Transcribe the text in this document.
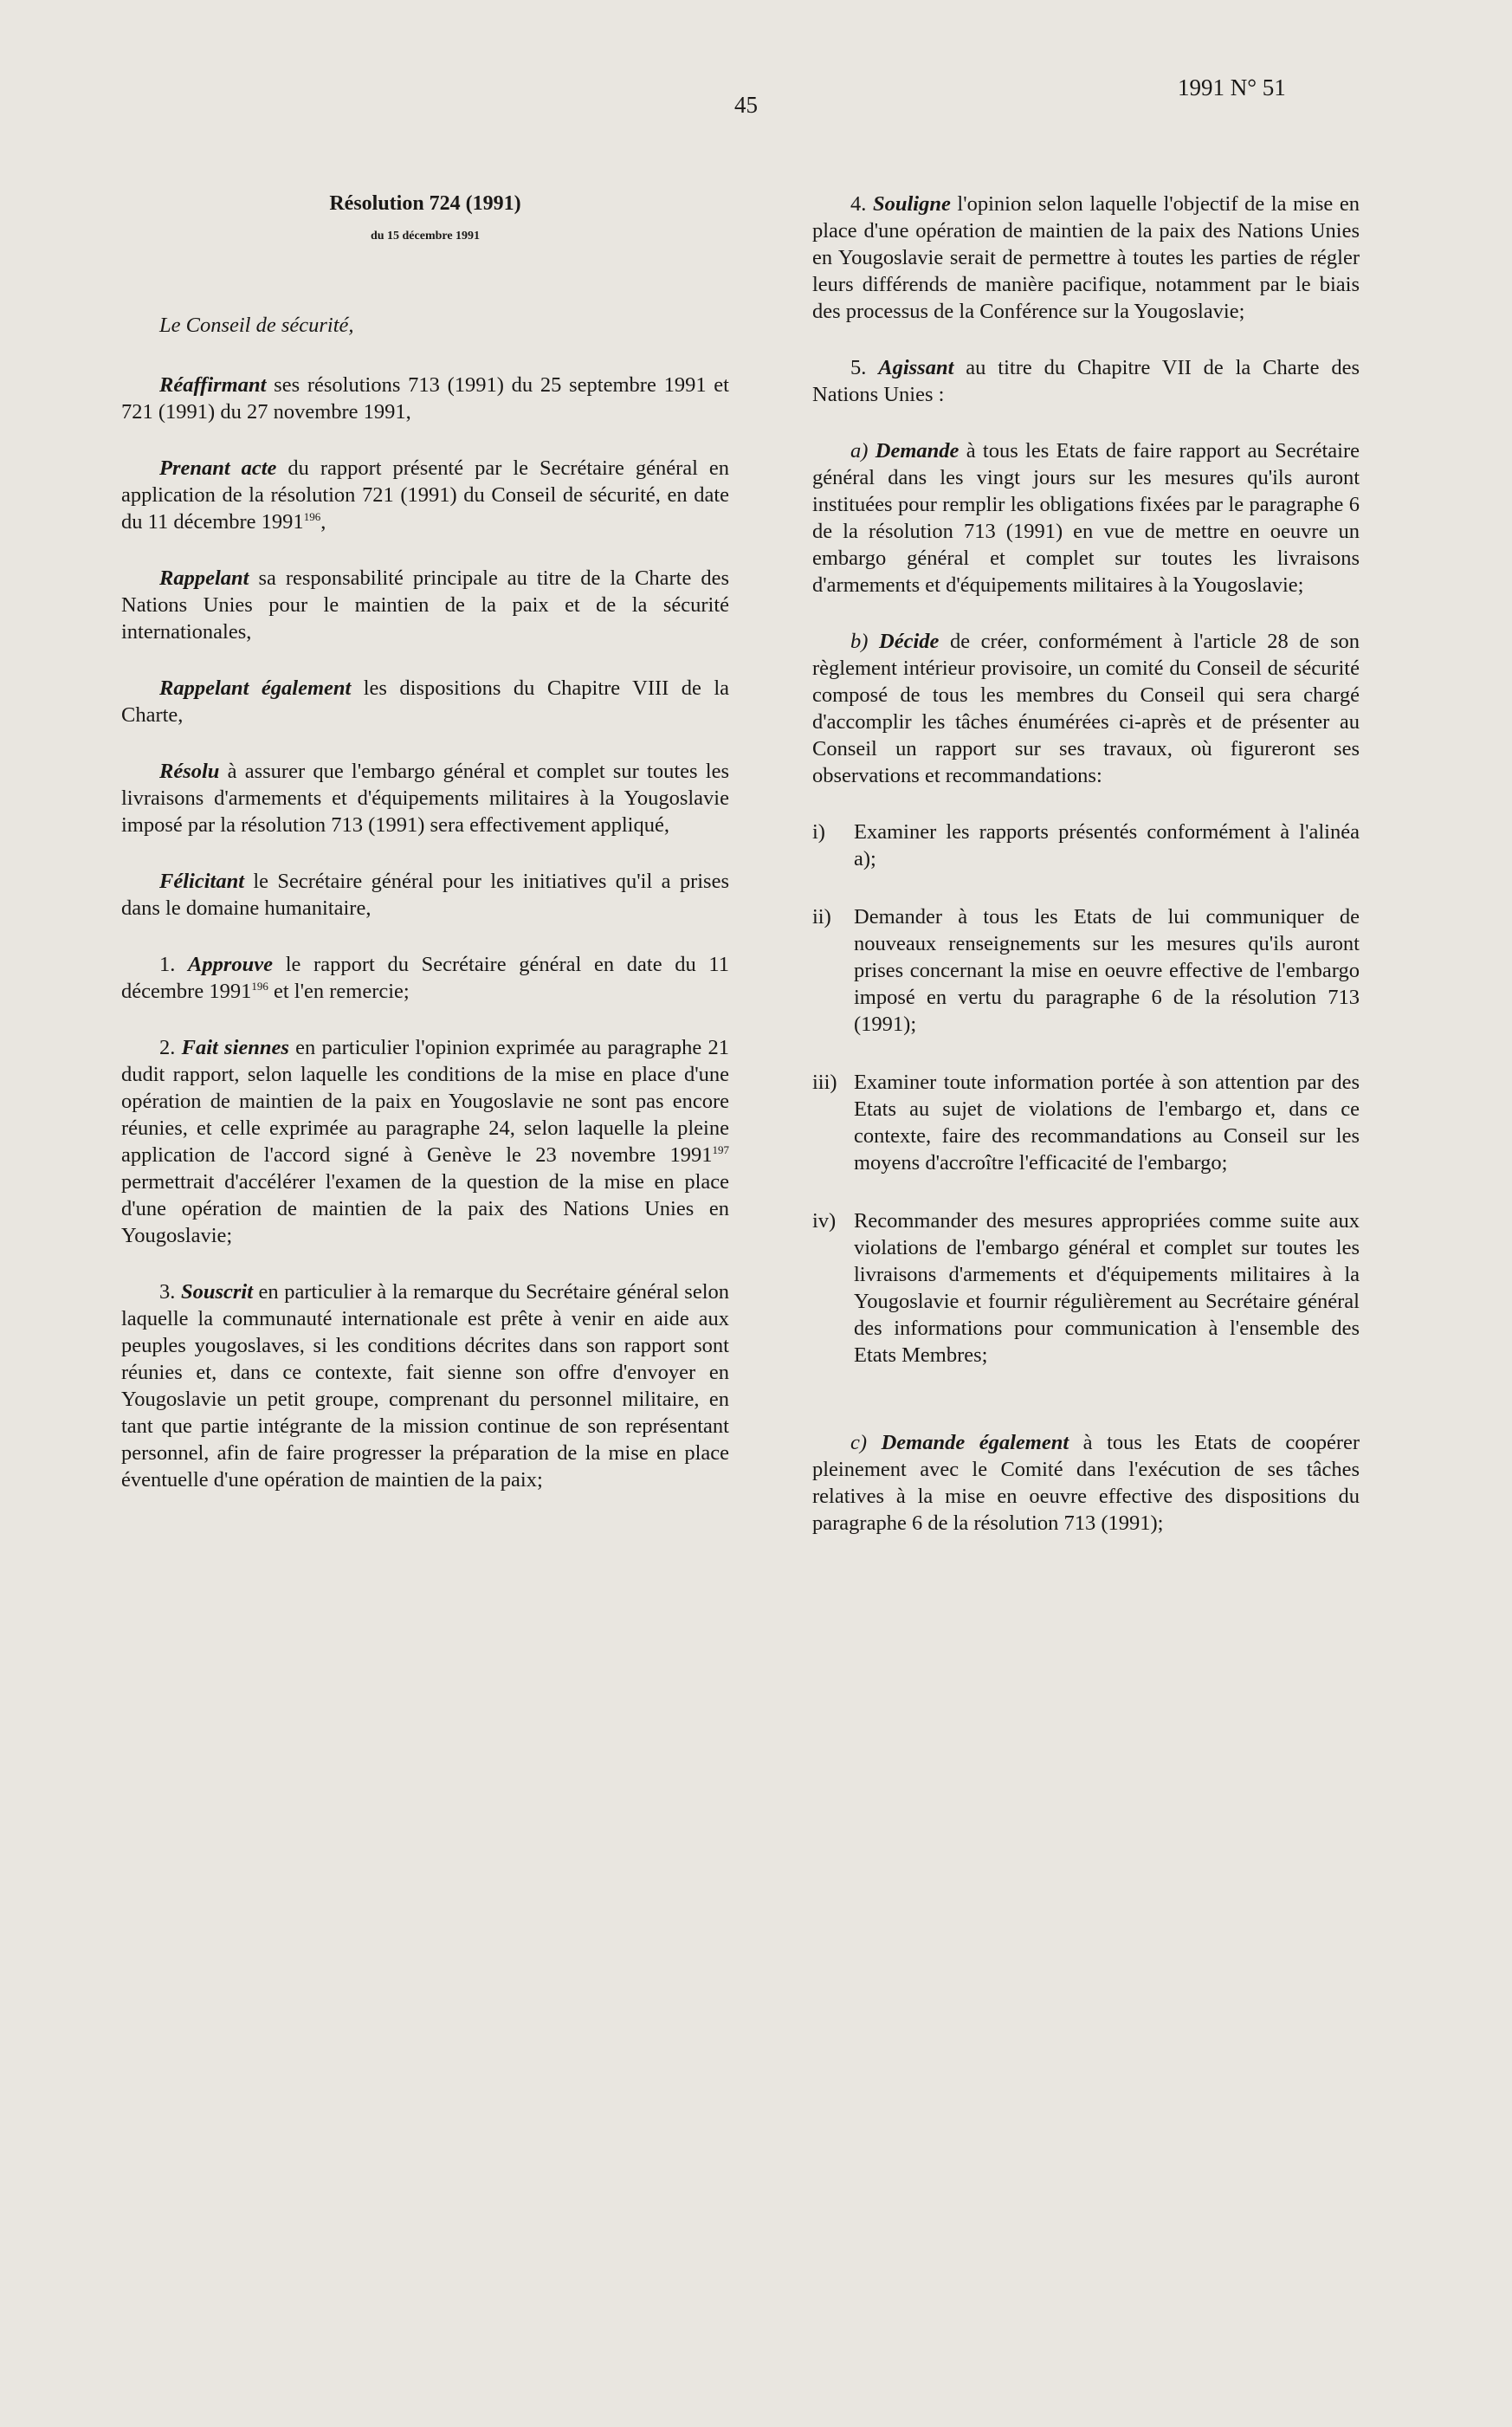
45
1991 N° 51
Résolution 724 (1991)
du 15 décembre 1991

Le Conseil de sécurité,

Réaffirmant ses résolutions 713 (1991) du 25 septembre 1991 et 721 (1991) du 27 novembre 1991,

Prenant acte du rapport présenté par le Secrétaire général en application de la résolution 721 (1991) du Conseil de sécurité, en date du 11 décembre 1991$^{196}$,

Rappelant sa responsabilité principale au titre de la Charte des Nations Unies pour le maintien de la paix et de la sécurité internationales,

Rappelant également les dispositions du Chapitre VIII de la Charte,

Résolu à assurer que l'embargo général et complet sur toutes les livraisons d'armements et d'équipements militaires à la Yougoslavie imposé par la résolution 713 (1991) sera effectivement appliqué,

Félicitant le Secrétaire général pour les initiatives qu'il a prises dans le domaine humanitaire,

1. Approuve le rapport du Secrétaire général en date du 11 décembre 1991$^{196}$ et l'en remercie;

2. Fait siennes en particulier l'opinion exprimée au paragraphe 21 dudit rapport, selon laquelle les conditions de la mise en place d'une opération de maintien de la paix en Yougoslavie ne sont pas encore réunies, et celle exprimée au paragraphe 24, selon laquelle la pleine application de l'accord signé à Genève le 23 novembre 1991$^{197}$ permettrait d'accélérer l'examen de la question de la mise en place d'une opération de maintien de la paix des Nations Unies en Yougoslavie;

3. Souscrit en particulier à la remarque du Secrétaire général selon laquelle la communauté internationale est prête à venir en aide aux peuples yougoslaves, si les conditions décrites dans son rapport sont réunies et, dans ce contexte, fait sienne son offre d'envoyer en Yougoslavie un petit groupe, comprenant du personnel militaire, en tant que partie intégrante de la mission continue de son représentant personnel, afin de faire progresser la préparation de la mise en place éventuelle d'une opération de maintien de la paix;

4. Souligne l'opinion selon laquelle l'objectif de la mise en place d'une opération de maintien de la paix des Nations Unies en Yougoslavie serait de permettre à toutes les parties de régler leurs différends de manière pacifique, notamment par le biais des processus de la Conférence sur la Yougoslavie;

5. Agissant au titre du Chapitre VII de la Charte des Nations Unies :

a) Demande à tous les Etats de faire rapport au Secrétaire général dans les vingt jours sur les mesures qu'ils auront instituées pour remplir les obligations fixées par le paragraphe 6 de la résolution 713 (1991) en vue de mettre en oeuvre un embargo général et complet sur toutes les livraisons d'armements et d'équipements militaires à la Yougoslavie;

b) Décide de créer, conformément à l'article 28 de son règlement intérieur provisoire, un comité du Conseil de sécurité composé de tous les membres du Conseil qui sera chargé d'accomplir les tâches énumérées ci-après et de présenter au Conseil un rapport sur ses travaux, où figureront ses observations et recommandations:

i) Examiner les rapports présentés conformément à l'alinéa a);
ii) Demander à tous les Etats de lui communiquer de nouveaux renseignements sur les mesures qu'ils auront prises concernant la mise en oeuvre effective de l'embargo imposé en vertu du paragraphe 6 de la résolution 713 (1991);
iii) Examiner toute information portée à son attention par des Etats au sujet de violations de l'embargo et, dans ce contexte, faire des recommandations au Conseil sur les moyens d'accroître l'efficacité de l'embargo;
iv) Recommander des mesures appropriées comme suite aux violations de l'embargo général et complet sur toutes les livraisons d'armements et d'équipements militaires à la Yougoslavie et fournir régulièrement au Secrétaire général des informations pour communication à l'ensemble des Etats Membres;

c) Demande également à tous les Etats de coopérer pleinement avec le Comité dans l'exécution de ses tâches relatives à la mise en oeuvre effective des dispositions du paragraphe 6 de la résolution 713 (1991);
